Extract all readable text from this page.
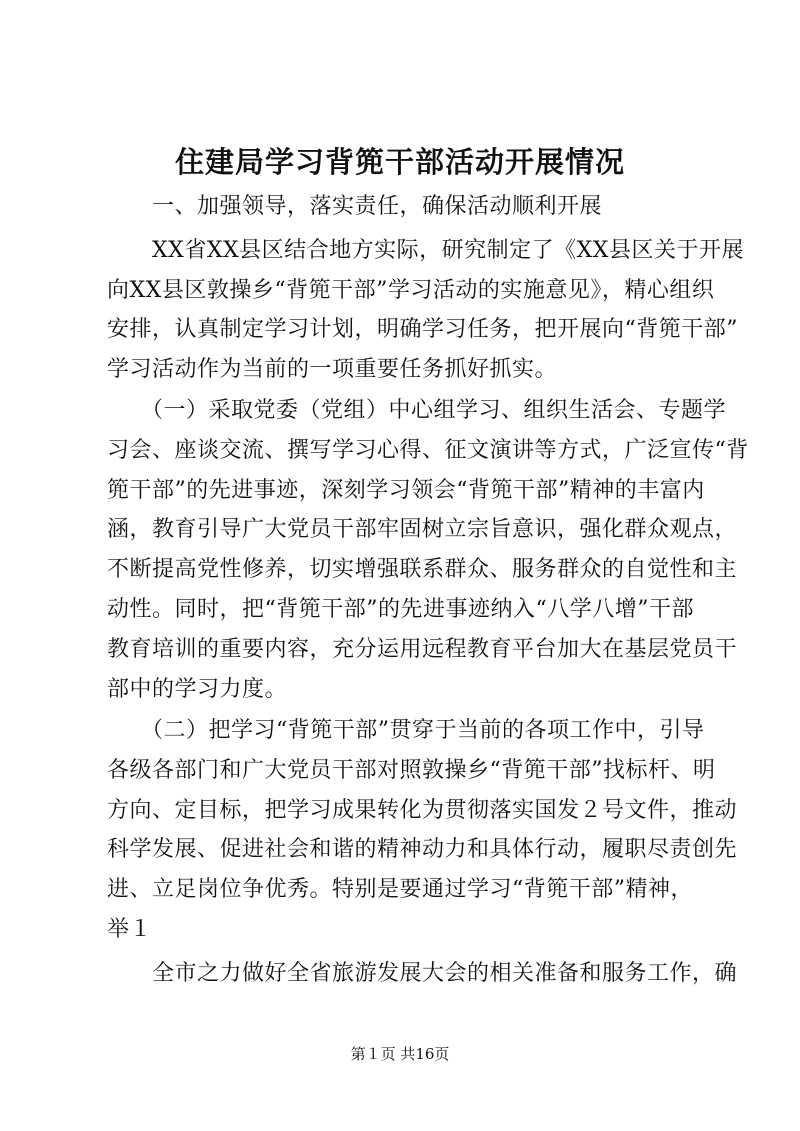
住建局学习背篼干部活动开展情况
　　一、加强领导，落实责任，确保活动顺利开展
　　XX省XX县区结合地方实际，研究制定了《XX县区关于开展
向XX县区敦操乡“背篼干部”学习活动的实施意见》，精心组织
安排，认真制定学习计划，明确学习任务，把开展向“背篼干部”
学习活动作为当前的一项重要任务抓好抓实。
　　（一）采取党委（党组）中心组学习、组织生活会、专题学
习会、座谈交流、撰写学习心得、征文演讲等方式，广泛宣传“背
篼干部”的先进事迹，深刻学习领会“背篼干部”精神的丰富内
涵，教育引导广大党员干部牢固树立宗旨意识，强化群众观点，
不断提高党性修养，切实增强联系群众、服务群众的自觉性和主
动性。同时，把“背篼干部”的先进事迹纳入“八学八增”干部
教育培训的重要内容，充分运用远程教育平台加大在基层党员干
部中的学习力度。
　　（二）把学习“背篼干部”贯穿于当前的各项工作中，引导
各级各部门和广大党员干部对照敦操乡“背篼干部”找标杆、明
方向、定目标，把学习成果转化为贯彻落实国发２号文件，推动
科学发展、促进社会和谐的精神动力和具体行动，履职尽责创先
进、立足岗位争优秀。特别是要通过学习“背篼干部”精神，
举１
　　全市之力做好全省旅游发展大会的相关准备和服务工作，确
第１页 共16页
